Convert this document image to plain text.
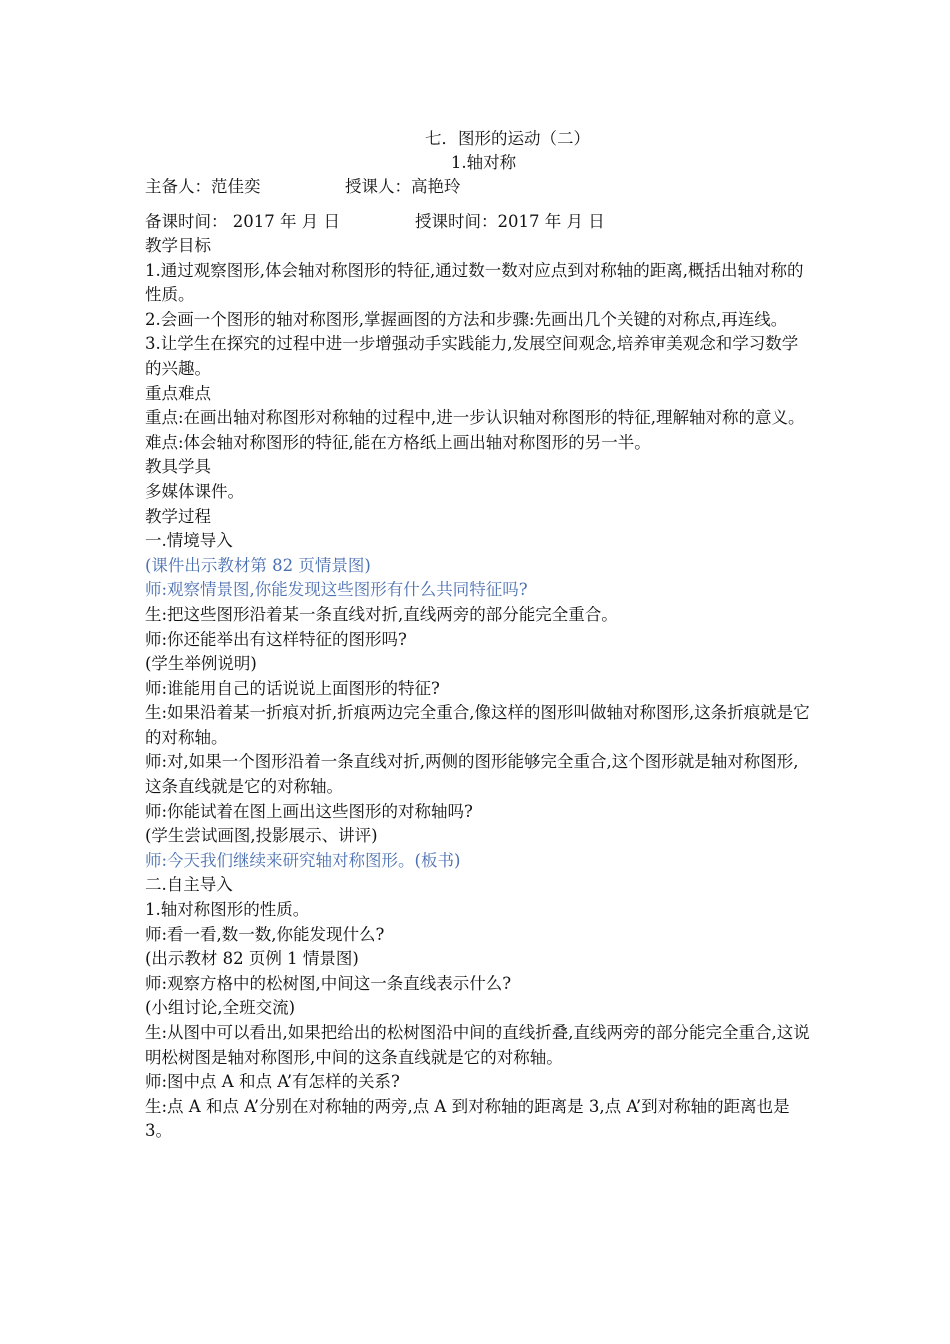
七．图形的运动（二）
1.轴对称
主备人：范佳奕	授课人：高艳玲
备课时间： 2017 年 月 日	授课时间：2017 年 月 日
教学目标
1.通过观察图形,体会轴对称图形的特征,通过数一数对应点到对称轴的距离,概括出轴对称的性质。
2.会画一个图形的轴对称图形,掌握画图的方法和步骤:先画出几个关键的对称点,再连线。
3.让学生在探究的过程中进一步增强动手实践能力,发展空间观念,培养审美观念和学习数学的兴趣。
重点难点
重点:在画出轴对称图形对称轴的过程中,进一步认识轴对称图形的特征,理解轴对称的意义。
难点:体会轴对称图形的特征,能在方格纸上画出轴对称图形的另一半。
教具学具
多媒体课件。
教学过程
一.情境导入
(课件出示教材第 82 页情景图)
师:观察情景图,你能发现这些图形有什么共同特征吗?
生:把这些图形沿着某一条直线对折,直线两旁的部分能完全重合。
师:你还能举出有这样特征的图形吗?
(学生举例说明)
师:谁能用自己的话说说上面图形的特征?
生:如果沿着某一折痕对折,折痕两边完全重合,像这样的图形叫做轴对称图形,这条折痕就是它的对称轴。
师:对,如果一个图形沿着一条直线对折,两侧的图形能够完全重合,这个图形就是轴对称图形,这条直线就是它的对称轴。
师:你能试着在图上画出这些图形的对称轴吗?
(学生尝试画图,投影展示、讲评)
师:今天我们继续来研究轴对称图形。(板书)
二.自主导入
1.轴对称图形的性质。
师:看一看,数一数,你能发现什么?
(出示教材 82 页例 1 情景图)
师:观察方格中的松树图,中间这一条直线表示什么?
(小组讨论,全班交流)
生:从图中可以看出,如果把给出的松树图沿中间的直线折叠,直线两旁的部分能完全重合,这说明松树图是轴对称图形,中间的这条直线就是它的对称轴。
师:图中点 A 和点 A’有怎样的关系?
生:点 A 和点 A’分别在对称轴的两旁,点 A 到对称轴的距离是 3,点 A’到对称轴的距离也是 3。
